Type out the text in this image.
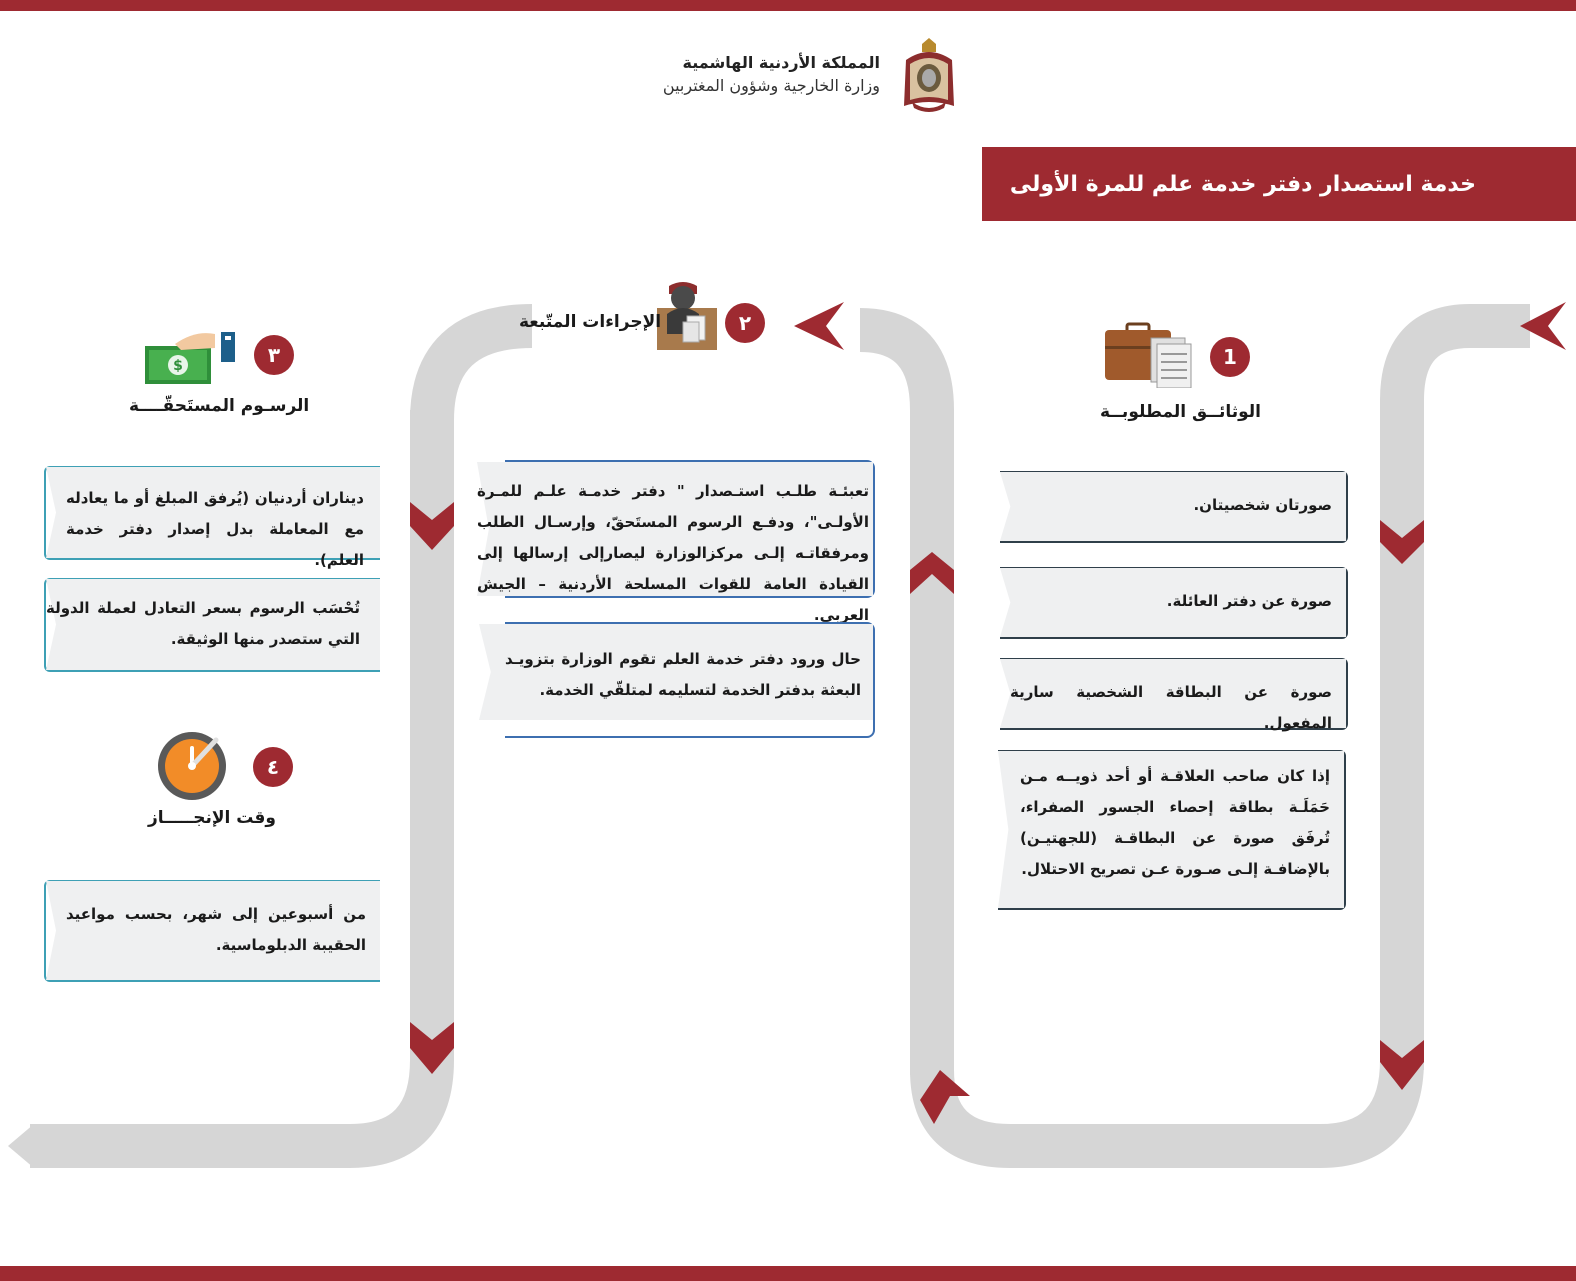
المملكة الأردنية الهاشمية
وزارة الخارجية وشؤون المغتربين
خدمة استصدار دفتر خدمة علم للمرة الأولى
1
الوثائــق المطلوبــة
صورتان شخصيتان.
صورة عن دفتر العائلة.
صورة عن البطاقة الشخصية سارية المفعول.
إذا كان صاحب العلاقـة أو أحد ذويــه مـن حَمَلَـة بطاقة إحصاء الجسور الصفراء، تُرفَق صورة عن البطاقـة (للجهتيـن) بالإضافـة إلـى صـورة عـن تصريح الاحتلال.
٢
الإجراءات المتّبعة
تعبئـة طلـب استـصدار " دفتر خدمـة علـم للمـرة الأولـى"، ودفـع الرسوم المستَحقّ، وإرسـال الطلب ومرفقاتـه إلـى مركزالوزارة ليصارإلى إرسالها إلى القيادة العامة للقوات المسلحة الأردنية – الجيش العربي.
حال ورود دفتر خدمة العلم تقوم الوزارة بتزويـد البعثة بدفتر الخدمة لتسليمه لمتلقّي الخدمة.
٣
$
الرسـوم المستَحقّــــة
ديناران أردنيان (يُرفق المبلغ أو ما يعادله مع المعاملة بدل إصدار دفتر خدمة العلم).
تُحْسَب الرسوم بسعر التعادل لعملة الدولة التي ستصدر منها الوثيقة.
٤
وقت الإنجـــــاز
من أسبوعين إلى شهر، بحسب مواعيد الحقيبة الدبلوماسية.
